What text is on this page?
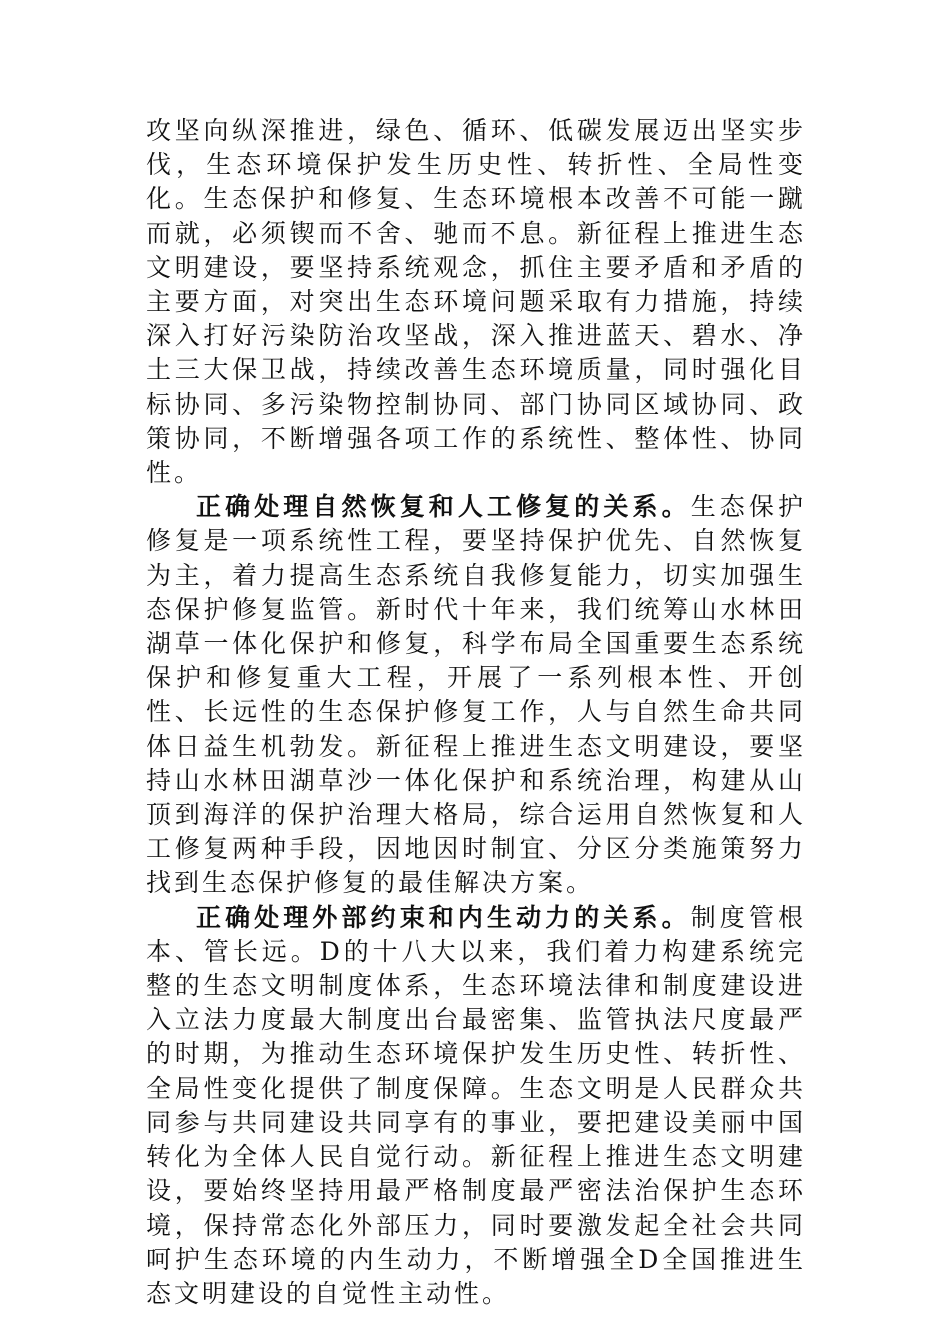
攻坚向纵深推进，绿色、循环、低碳发展迈出坚实步伐，生态环境保护发生历史性、转折性、全局性变化。生态保护和修复、生态环境根本改善不可能一蹴而就，必须锲而不舍、驰而不息。新征程上推进生态文明建设，要坚持系统观念，抓住主要矛盾和矛盾的主要方面，对突出生态环境问题采取有力措施，持续深入打好污染防治攻坚战，深入推进蓝天、碧水、净土三大保卫战，持续改善生态环境质量，同时强化目标协同、多污染物控制协同、部门协同区域协同、政策协同，不断增强各项工作的系统性、整体性、协同性。

正确处理自然恢复和人工修复的关系。生态保护修复是一项系统性工程，要坚持保护优先、自然恢复为主，着力提高生态系统自我修复能力，切实加强生态保护修复监管。新时代十年来，我们统筹山水林田湖草一体化保护和修复，科学布局全国重要生态系统保护和修复重大工程，开展了一系列根本性、开创性、长远性的生态保护修复工作，人与自然生命共同体日益生机勃发。新征程上推进生态文明建设，要坚持山水林田湖草沙一体化保护和系统治理，构建从山顶到海洋的保护治理大格局，综合运用自然恢复和人工修复两种手段，因地因时制宜、分区分类施策努力找到生态保护修复的最佳解决方案。

正确处理外部约束和内生动力的关系。制度管根本、管长远。D的十八大以来，我们着力构建系统完整的生态文明制度体系，生态环境法律和制度建设进入立法力度最大制度出台最密集、监管执法尺度最严的时期，为推动生态环境保护发生历史性、转折性、全局性变化提供了制度保障。生态文明是人民群众共同参与共同建设共同享有的事业，要把建设美丽中国转化为全体人民自觉行动。新征程上推进生态文明建设，要始终坚持用最严格制度最严密法治保护生态环境，保持常态化外部压力，同时要激发起全社会共同呵护生态环境的内生动力，不断增强全D全国推进生态文明建设的自觉性主动性。
